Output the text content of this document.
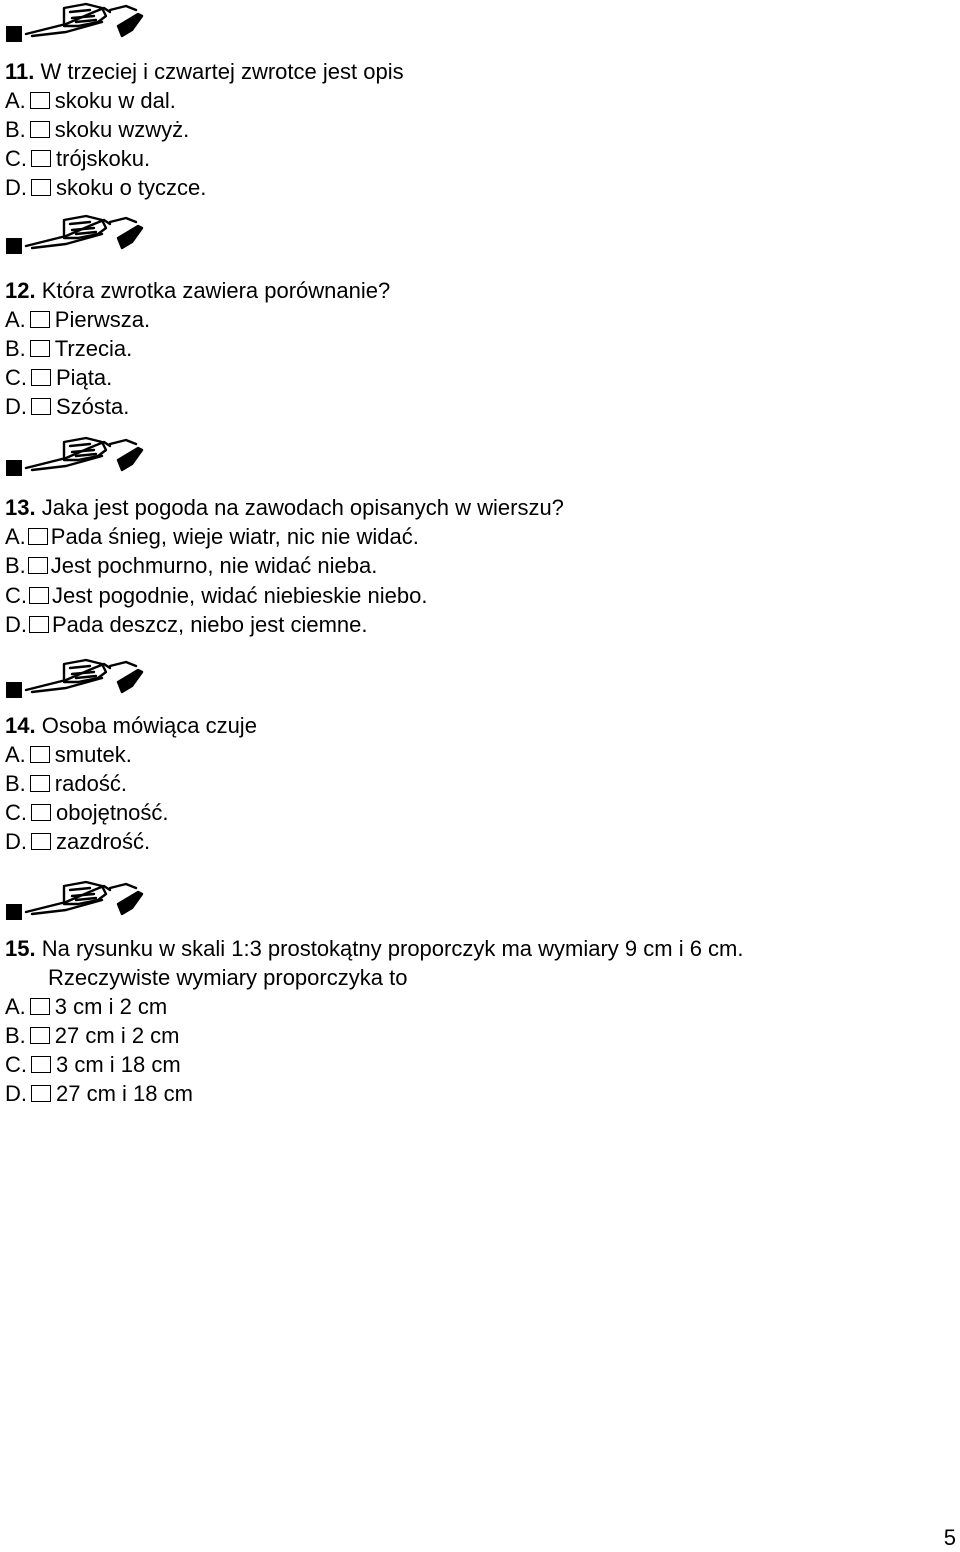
11. W trzeciej i czwartej zwrotce jest opis
A. skoku w dal.
B. skoku wzwyż.
C. trójskoku.
D. skoku o tyczce.
12. Która zwrotka zawiera porównanie?
A. Pierwsza.
B. Trzecia.
C. Piąta.
D. Szósta.
13. Jaka jest pogoda na zawodach opisanych w wierszu?
A. Pada śnieg, wieje wiatr, nic nie widać.
B. Jest pochmurno, nie widać nieba.
C. Jest pogodnie, widać niebieskie niebo.
D. Pada deszcz, niebo jest ciemne.
14. Osoba mówiąca czuje
A. smutek.
B. radość.
C. obojętność.
D. zazdrość.
15. Na rysunku w skali 1:3 prostokątny proporczyk ma wymiary 9 cm i 6 cm.
Rzeczywiste wymiary proporczyka to
A. 3 cm i 2 cm
B. 27 cm i 2 cm
C. 3 cm i 18 cm
D. 27 cm i 18 cm
5
